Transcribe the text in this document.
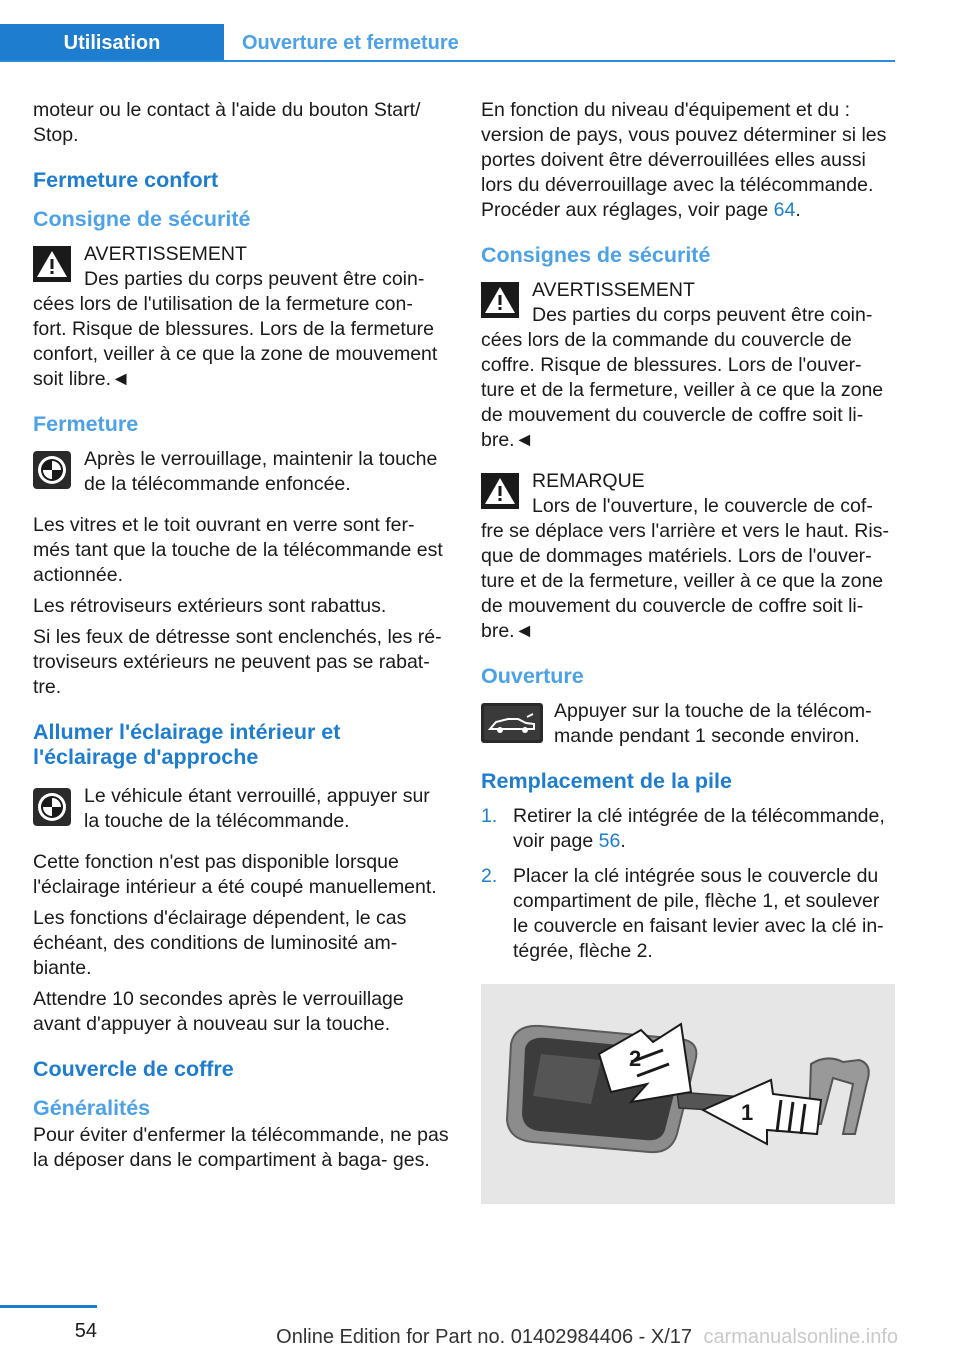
Utilisation	Ouverture et fermeture

moteur ou le contact à l'aide du bouton Start/ Stop.

Fermeture confort
Consigne de sécurité
AVERTISSEMENT
Des parties du corps peuvent être coin-
cées lors de l'utilisation de la fermeture con- fort. Risque de blessures. Lors de la fermeture confort, veiller à ce que la zone de mouvement soit libre.◄
Fermeture
Après le verrouillage, maintenir la touche de la télécommande enfoncée.

Les vitres et le toit ouvrant en verre sont fer- més tant que la touche de la télécommande est actionnée.

Les rétroviseurs extérieurs sont rabattus.

Si les feux de détresse sont enclenchés, les ré- troviseurs extérieurs ne peuvent pas se rabat- tre.

Allumer l'éclairage intérieur et l'éclairage d'approche
Le véhicule étant verrouillé, appuyer sur la touche de la télécommande.

Cette fonction n'est pas disponible lorsque l'éclairage intérieur a été coupé manuellement.

Les fonctions d'éclairage dépendent, le cas échéant, des conditions de luminosité am- biante.

Attendre 10 secondes après le verrouillage avant d'appuyer à nouveau sur la touche.

Couvercle de coffre
Généralités

Pour éviter d'enfermer la télécommande, ne pas la déposer dans le compartiment à baga- ges.

En fonction du niveau d'équipement et du : version de pays, vous pouvez déterminer si les portes doivent être déverrouillées elles aussi lors du déverrouillage avec la télécommande. Procéder aux réglages, voir page 64.

Consignes de sécurité
AVERTISSEMENT
Des parties du corps peuvent être coin-
cées lors de la commande du couvercle de coffre. Risque de blessures. Lors de l'ouver- ture et de la fermeture, veiller à ce que la zone de mouvement du couvercle de coffre soit li- bre.◄
REMARQUE
Lors de l'ouverture, le couvercle de cof-
fre se déplace vers l'arrière et vers le haut. Ris- que de dommages matériels. Lors de l'ouver- ture et de la fermeture, veiller à ce que la zone de mouvement du couvercle de coffre soit li- bre.◄
Ouverture
Appuyer sur la touche de la télécom- mande pendant 1 seconde environ.
Remplacement de la pile
1. Retirer la clé intégrée de la télécommande, voir page 56.
2. Placer la clé intégrée sous le couvercle du compartiment de pile, flèche 1, et soulever le couvercle en faisant levier avec la clé in- tégrée, flèche 2.
2
1
54	Online Edition for Part no. 01402984406 - X/17 carmanualsonline.info
